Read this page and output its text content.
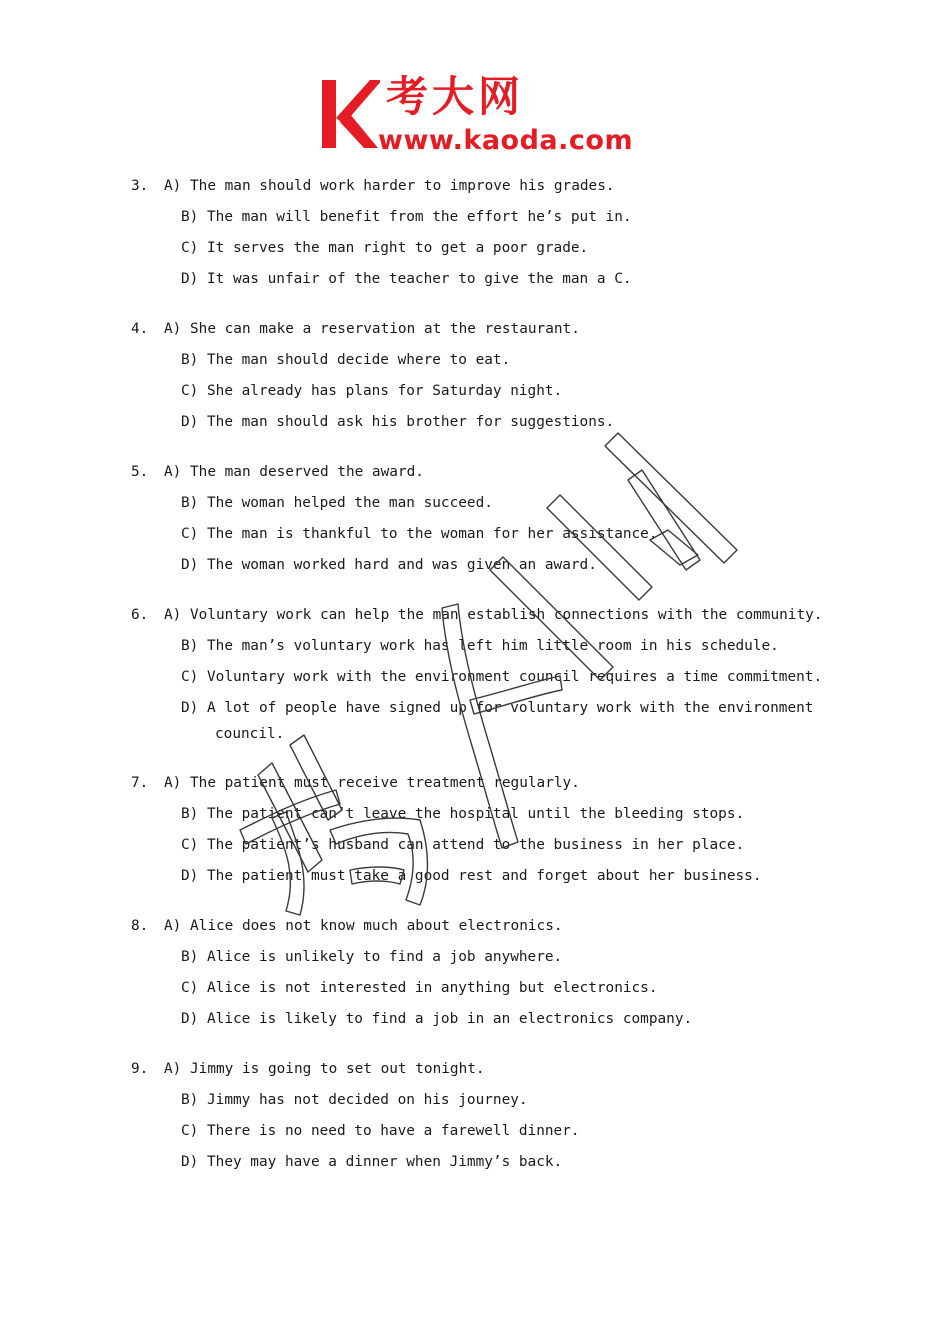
考大网
www.kaoda.com
3. A) The man should work harder to improve his grades.
B) The man will benefit from the effort he’s put in.
C) It serves the man right to get a poor grade.
D) It was unfair of the teacher to give the man a C.
4. A) She can make a reservation at the restaurant.
B) The man should decide where to eat.
C) She already has plans for Saturday night.
D) The man should ask his brother for suggestions.
5. A) The man deserved the award.
B) The woman helped the man succeed.
C) The man is thankful to the woman for her assistance.
D) The woman worked hard and was given an award.
6. A) Voluntary work can help the man establish connections with the community.
B) The man’s voluntary work has left him little room in his schedule.
C) Voluntary work with the environment council requires a time commitment.
D) A lot of people have signed up for voluntary work with the environment
council.
7. A) The patient must receive treatment regularly.
B) The patient can’t leave the hospital until the bleeding stops.
C) The patient’s husband can attend to the business in her place.
D) The patient must take a good rest and forget about her business.
8. A) Alice does not know much about electronics.
B) Alice is unlikely to find a job anywhere.
C) Alice is not interested in anything but electronics.
D) Alice is likely to find a job in an electronics company.
9. A) Jimmy is going to set out tonight.
B) Jimmy has not decided on his journey.
C) There is no need to have a farewell dinner.
D) They may have a dinner when Jimmy’s back.
